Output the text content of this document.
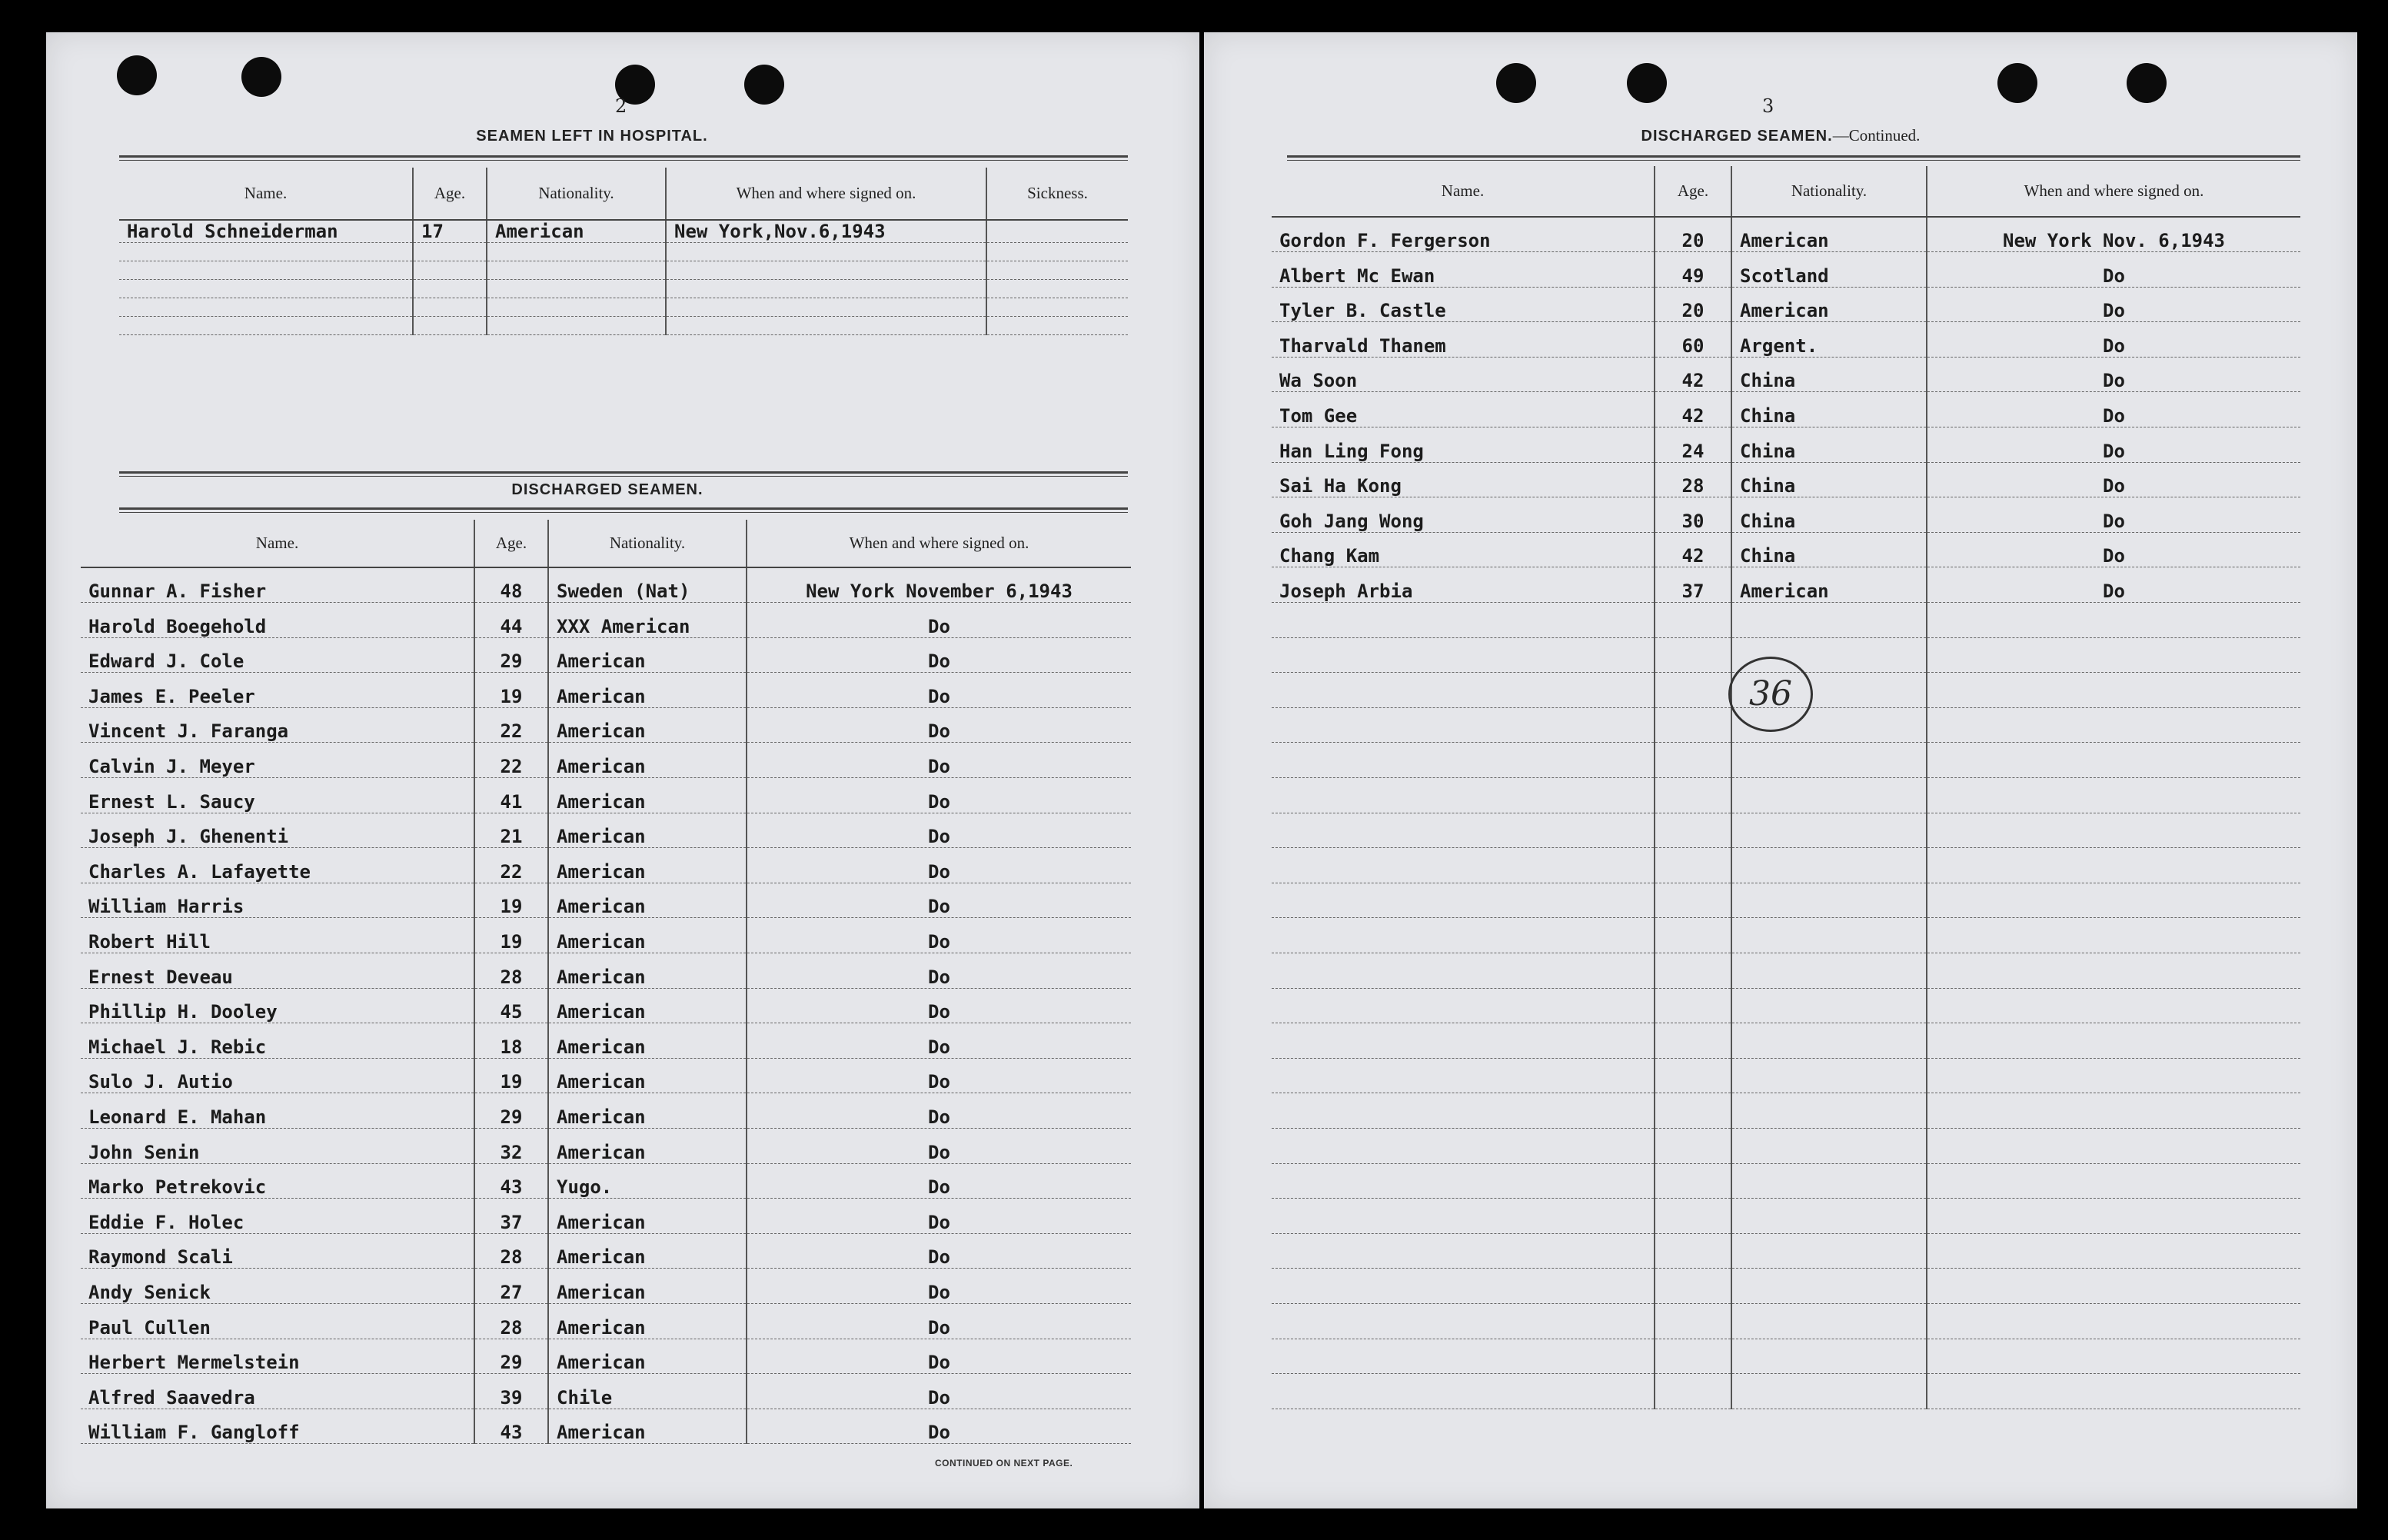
2
SEAMEN LEFT IN HOSPITAL.
Name.	Age.	Nationality.	When and where signed on.	Sickness.
Harold Schneiderman	17	American	New York,Nov.6,1943	

DISCHARGED SEAMEN.
Name.	Age.	Nationality.	When and where signed on.
Gunnar A. Fisher	48	Sweden (Nat)	New York November 6,1943
Harold Boegehold	44	XXX American	Do
Edward J. Cole	29	American	Do
James E. Peeler	19	American	Do
Vincent J. Faranga	22	American	Do
Calvin J. Meyer	22	American	Do
Ernest L. Saucy	41	American	Do
Joseph J. Ghenenti	21	American	Do
Charles A. Lafayette	22	American	Do
William Harris	19	American	Do
Robert Hill	19	American	Do
Ernest Deveau	28	American	Do
Phillip H. Dooley	45	American	Do
Michael J. Rebic	18	American	Do
Sulo J. Autio	19	American	Do
Leonard E. Mahan	29	American	Do
John Senin	32	American	Do
Marko Petrekovic	43	Yugo.	Do
Eddie F. Holec	37	American	Do
Raymond Scali	28	American	Do
Andy Senick	27	American	Do
Paul Cullen	28	American	Do
Herbert Mermelstein	29	American	Do
Alfred Saavedra	39	Chile	Do
William F. Gangloff	43	American	Do
CONTINUED ON NEXT PAGE.
3
DISCHARGED SEAMEN.—Continued.
Name.	Age.	Nationality.	When and where signed on.
Gordon F. Fergerson	20	American	New York Nov. 6,1943
Albert Mc Ewan	49	Scotland	Do
Tyler B. Castle	20	American	Do
Tharvald Thanem	60	Argent.	Do
Wa Soon	42	China	Do
Tom Gee	42	China	Do
Han Ling Fong	24	China	Do
Sai Ha Kong	28	China	Do
Goh Jang Wong	30	China	Do
Chang Kam	42	China	Do
Joseph Arbia	37	American	Do

36
